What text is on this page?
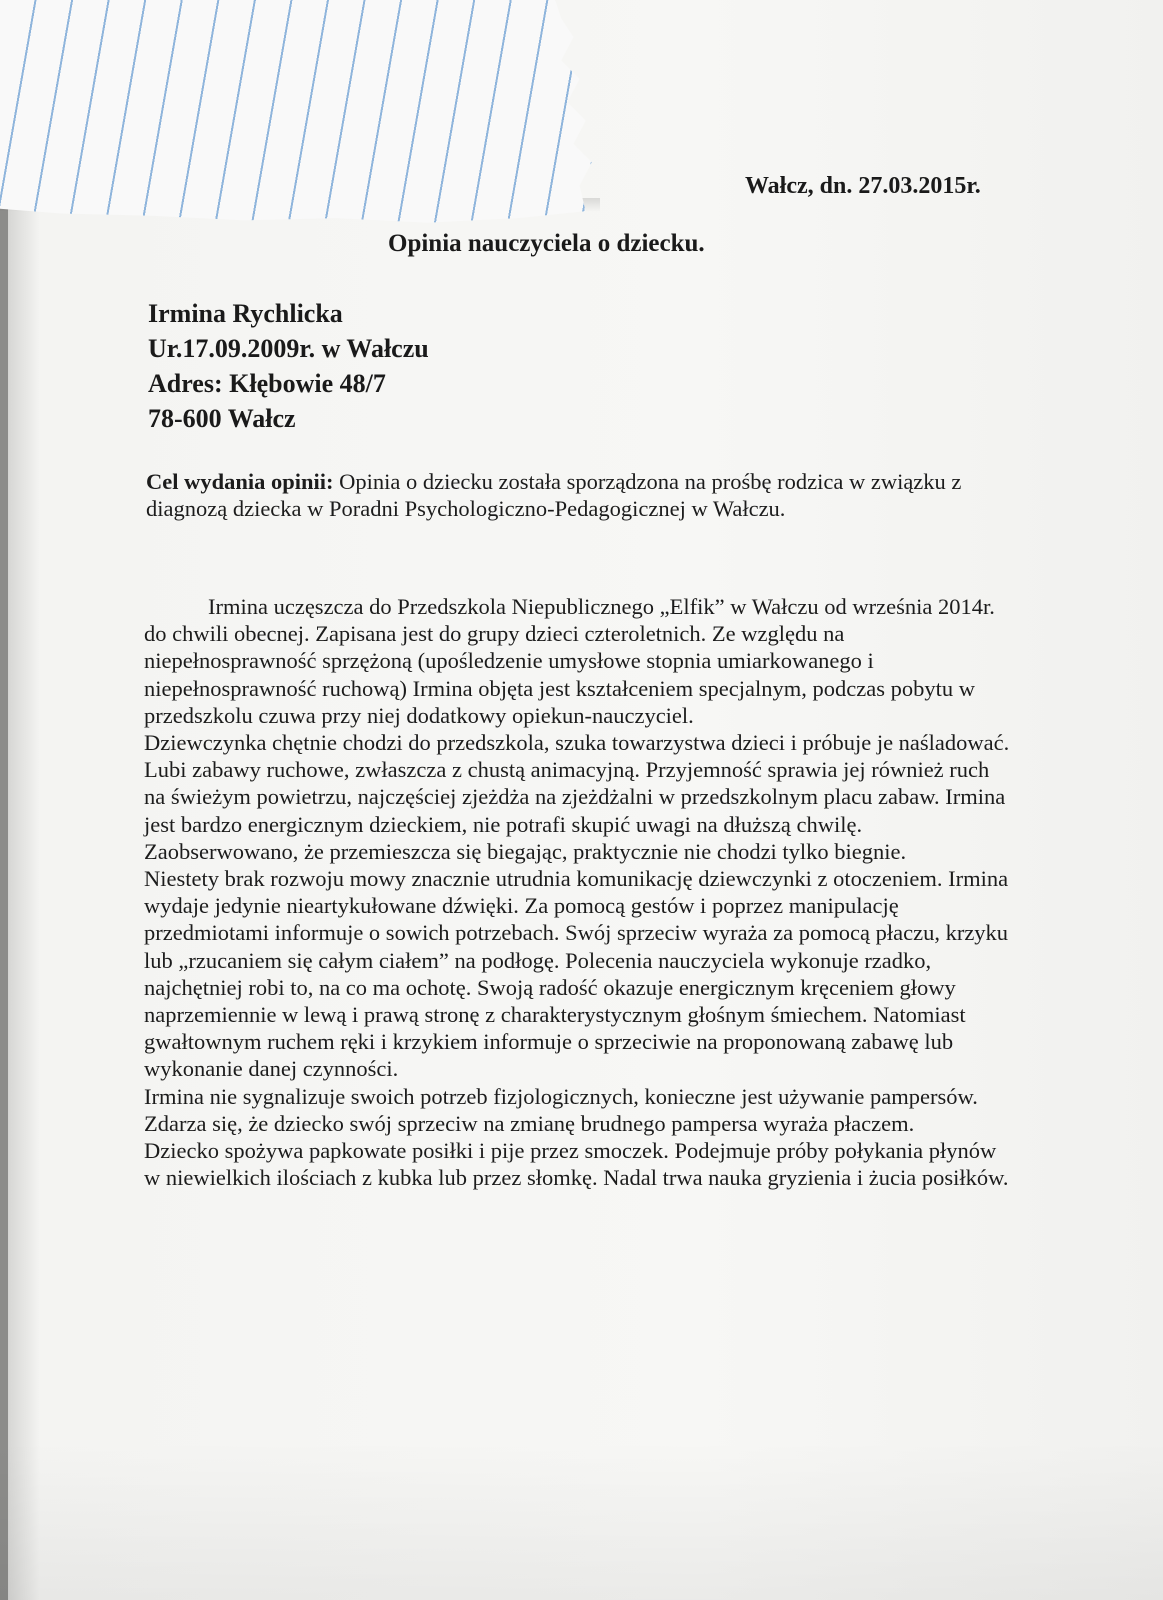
Wałcz, dn. 27.03.2015r.
Opinia nauczyciela o dziecku.
Irmina Rychlicka
Ur.17.09.2009r. w Wałczu
Adres: Kłębowie 48/7
78-600 Wałcz
Cel wydania opinii: Opinia o dziecku została sporządzona na prośbę rodzica w związku z diagnozą dziecka w Poradni Psychologiczno-Pedagogicznej w Wałczu.

Irmina uczęszcza do Przedszkola Niepublicznego „Elfik” w Wałczu od września 2014r. do chwili obecnej. Zapisana jest do grupy dzieci czteroletnich. Ze względu na niepełnosprawność sprzężoną (upośledzenie umysłowe stopnia umiarkowanego i niepełnosprawność ruchową) Irmina objęta jest kształceniem specjalnym, podczas pobytu w przedszkolu czuwa przy niej dodatkowy opiekun-nauczyciel.

Dziewczynka chętnie chodzi do przedszkola, szuka towarzystwa dzieci i próbuje je naśladować. Lubi zabawy ruchowe, zwłaszcza z chustą animacyjną. Przyjemność sprawia jej również ruch na świeżym powietrzu, najczęściej zjeżdża na zjeżdżalni w przedszkolnym placu zabaw. Irmina jest bardzo energicznym dzieckiem, nie potrafi skupić uwagi na dłuższą chwilę. Zaobserwowano, że przemieszcza się biegając, praktycznie nie chodzi tylko biegnie.

Niestety brak rozwoju mowy znacznie utrudnia komunikację dziewczynki z otoczeniem. Irmina wydaje jedynie nieartykułowane dźwięki. Za pomocą gestów i poprzez manipulację przedmiotami informuje o sowich potrzebach. Swój sprzeciw wyraża za pomocą płaczu, krzyku lub „rzucaniem się całym ciałem” na podłogę. Polecenia nauczyciela wykonuje rzadko, najchętniej robi to, na co ma ochotę. Swoją radość okazuje energicznym kręceniem głowy naprzemiennie w lewą i prawą stronę z charakterystycznym głośnym śmiechem. Natomiast gwałtownym ruchem ręki i krzykiem informuje o sprzeciwie na proponowaną zabawę lub wykonanie danej czynności.

Irmina nie sygnalizuje swoich potrzeb fizjologicznych, konieczne jest używanie pampersów. Zdarza się, że dziecko swój sprzeciw na zmianę brudnego pampersa wyraża płaczem.

Dziecko spożywa papkowate posiłki i pije przez smoczek. Podejmuje próby połykania płynów w niewielkich ilościach z kubka lub przez słomkę. Nadal trwa nauka gryzienia i żucia posiłków.
